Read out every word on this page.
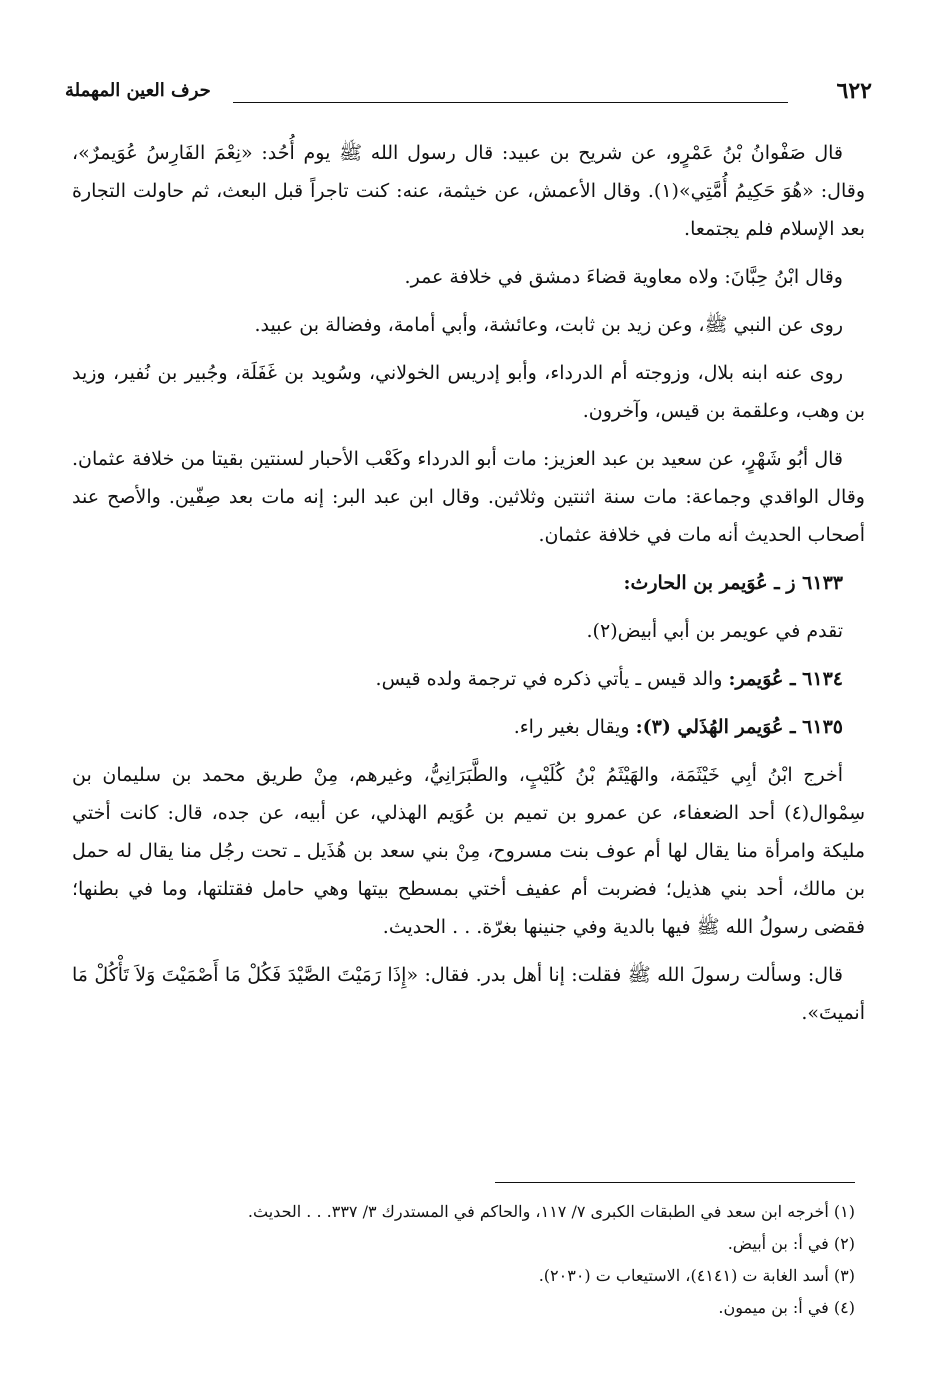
٦٢٢
حرف العين المهملة

قال صَفْوانُ بْنُ عَمْرٍو، عن شريح بن عبيد: قال رسول الله ﷺ يوم أُحُد: «نِعْمَ الفَارِسُ عُوَيمرٌ»، وقال: «هُوَ حَكِيمُ أُمَّتِي»(١). وقال الأعمش، عن خيثمة، عنه: كنت تاجراً قبل البعث، ثم حاولت التجارة بعد الإسلام فلم يجتمعا.

وقال ابْنُ حِبَّانَ: ولاه معاوية قضاءَ دمشق في خلافة عمر.

روى عن النبي ﷺ، وعن زيد بن ثابت، وعائشة، وأبي أمامة، وفضالة بن عبيد.

روى عنه ابنه بلال، وزوجته أم الدرداء، وأبو إدريس الخولاني، وسُويد بن غَفَلَة، وجُبير بن نُفير، وزيد بن وهب، وعلقمة بن قيس، وآخرون.

قال أبُو شَهْرٍ، عن سعيد بن عبد العزيز: مات أبو الدرداء وكَعْب الأحبار لسنتين بقيتا من خلافة عثمان. وقال الواقدي وجماعة: مات سنة اثنتين وثلاثين. وقال ابن عبد البر: إنه مات بعد صِفّين. والأصح عند أصحاب الحديث أنه مات في خلافة عثمان.

٦١٣٣ ز ـ عُوَيمر بن الحارث:

تقدم في عويمر بن أبي أبيض(٢).

٦١٣٤ ـ عُوَيمر: والد قيس ـ يأتي ذكره في ترجمة ولده قيس.

٦١٣٥ ـ عُوَيمر الهُذَلي (٣): ويقال بغير راء.

أخرج ابْنُ أبِي خَيْثَمَة، والهَيْثَمُ بْنُ كُلَيْبٍ، والطَّبَرَانِيُّ، وغيرهم، مِنْ طريق محمد بن سليمان بن سِمْوال(٤) أحد الضعفاء، عن عمرو بن تميم بن عُوَيم الهذلي، عن أبيه، عن جده، قال: كانت أختي مليكة وامرأة منا يقال لها أم عوف بنت مسروح، مِنْ بني سعد بن هُذَيل ـ تحت رجُل منا يقال له حمل بن مالك، أحد بني هذيل؛ فضربت أم عفيف أختي بمسطح بيتها وهي حامل فقتلتها، وما في بطنها؛ فقضى رسولُ الله ﷺ فيها بالدية وفي جنينها بغرّة. . . الحديث.

قال: وسألت رسولَ الله ﷺ فقلت: إنا أهل بدر. فقال: «إِذَا رَمَيْتَ الصَّيْدَ فَكُلْ مَا أَصْمَيْتَ وَلاَ تَأْكُلْ مَا أنميتَ».

(١) أخرجه ابن سعد في الطبقات الكبرى ٧/ ١١٧، والحاكم في المستدرك ٣/ ٣٣٧. . . الحديث.
(٢) في أ: بن أبيض.
(٣) أسد الغابة ت (٤١٤١)، الاستيعاب ت (٢٠٣٠).
(٤) في أ: بن ميمون.
